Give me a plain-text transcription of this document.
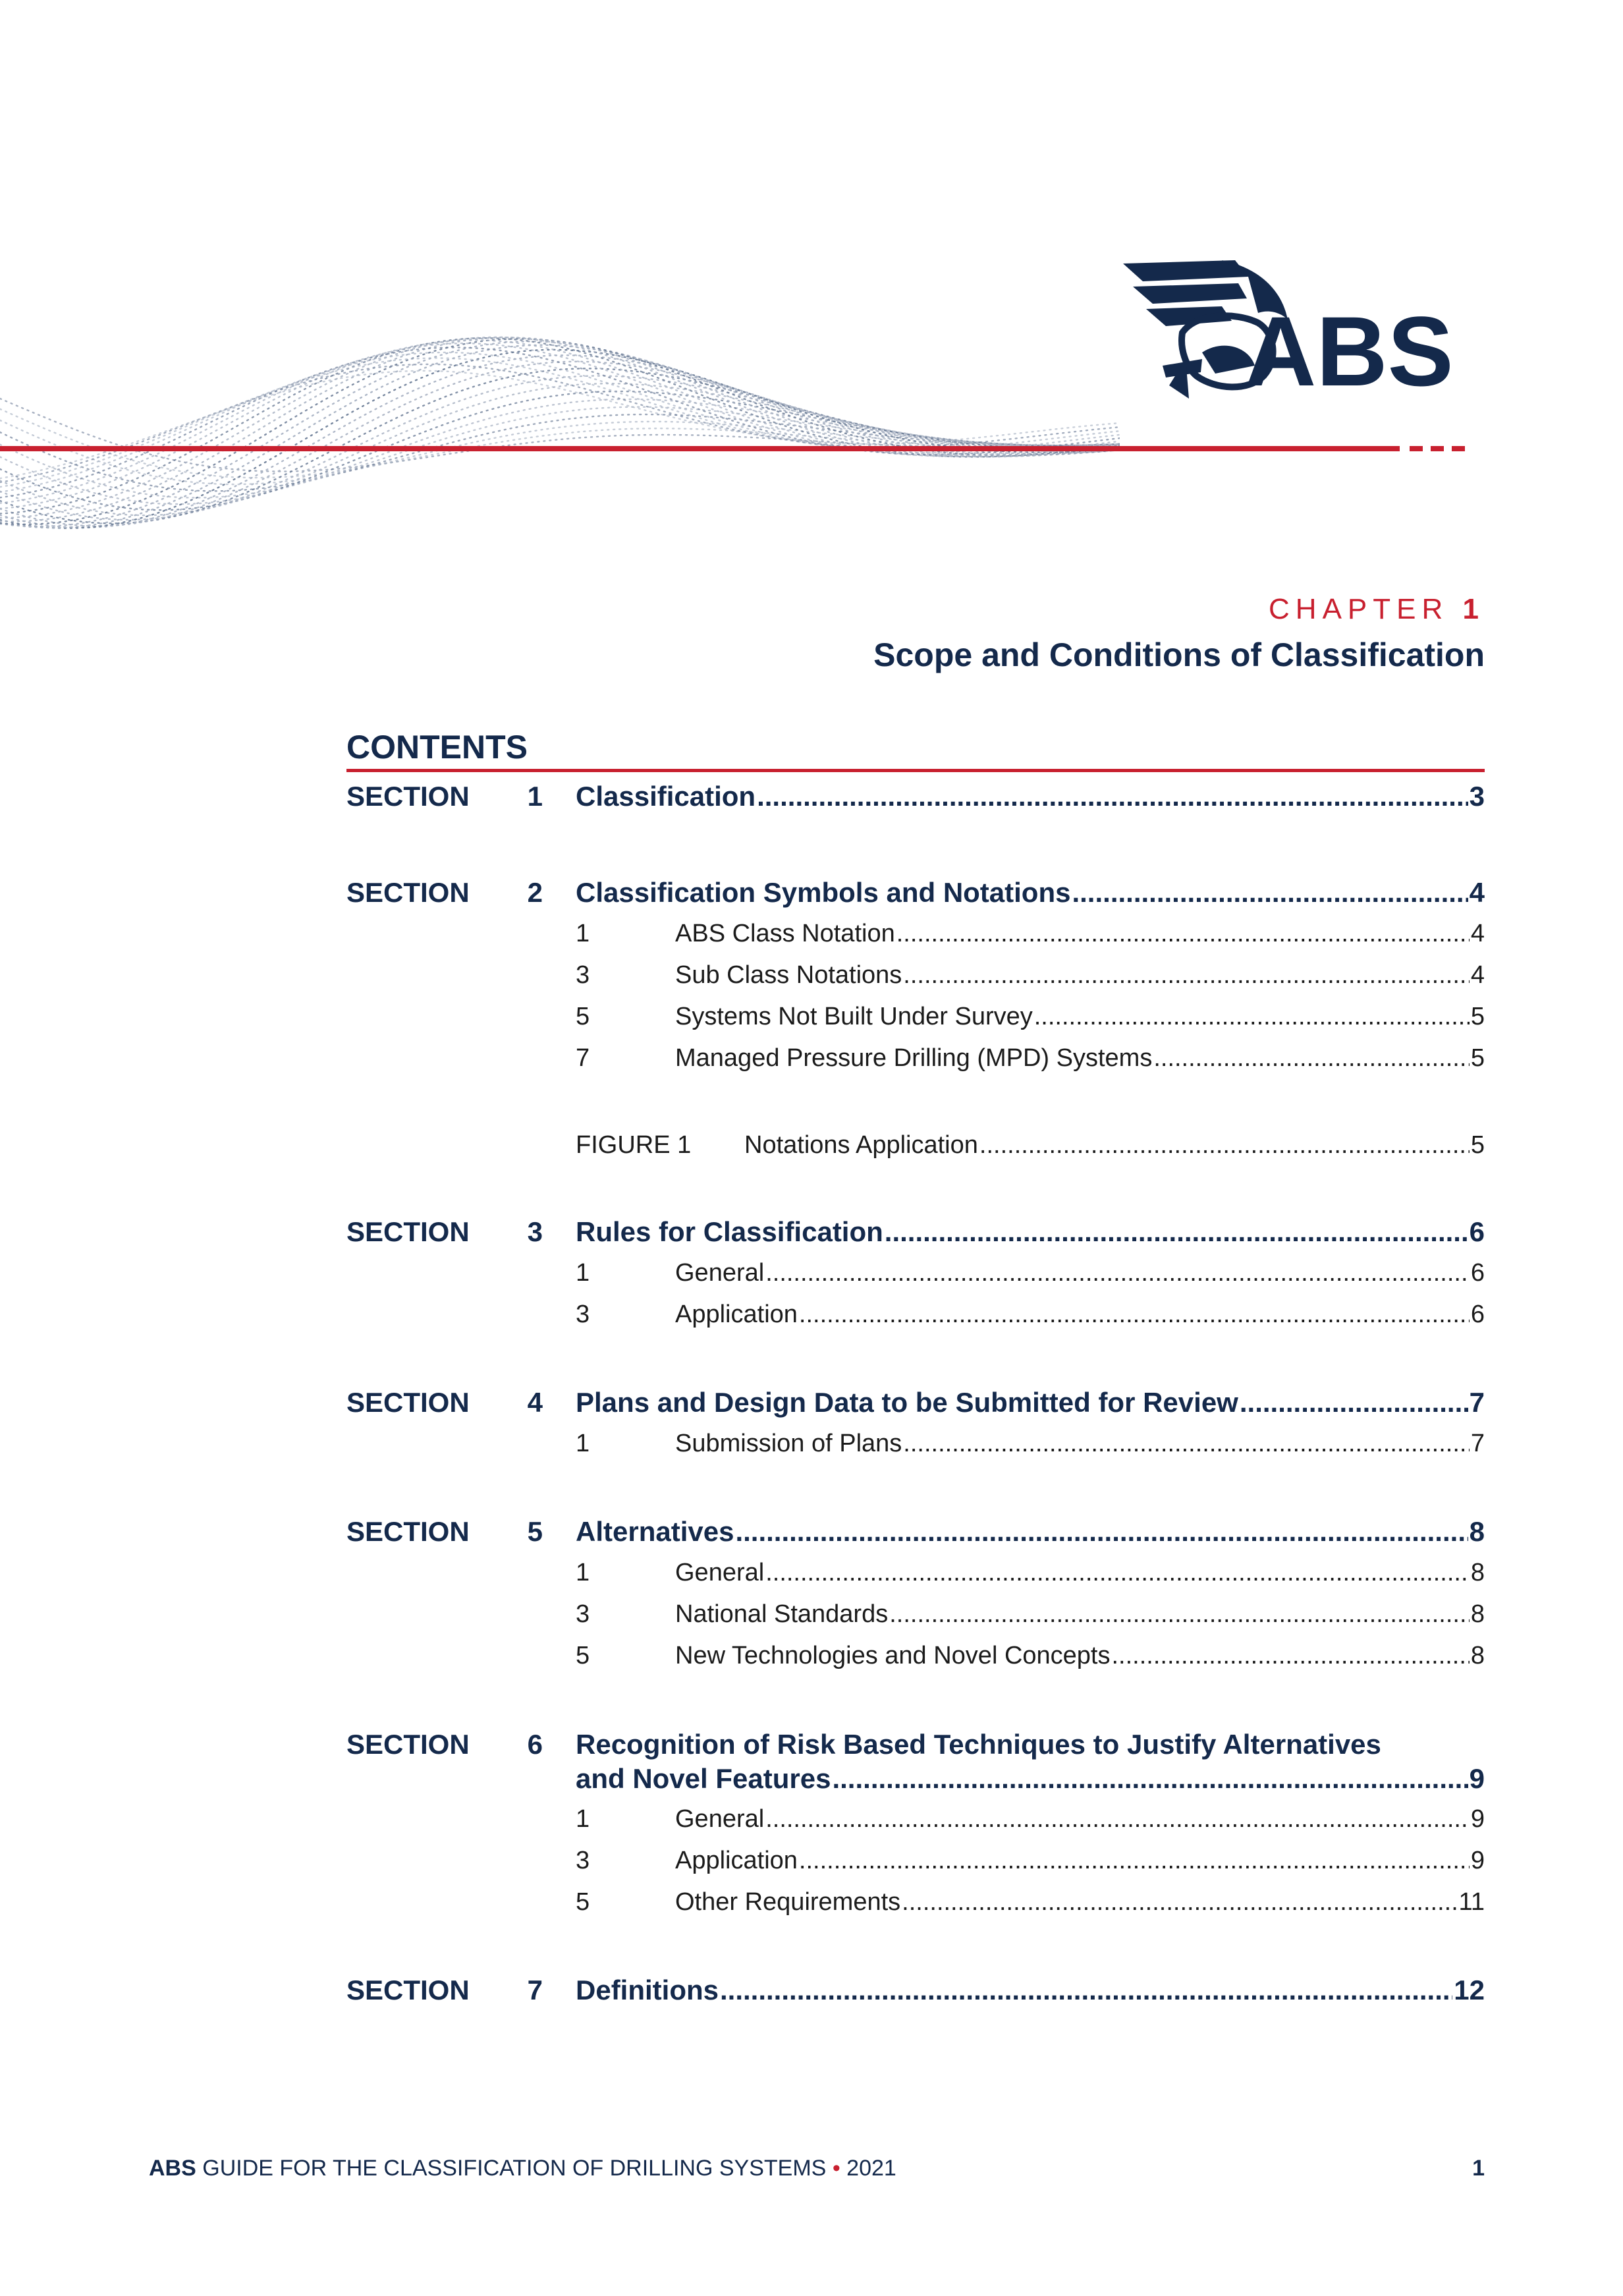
ABS
CHAPTER 1
Scope and Conditions of Classification
CONTENTS
SECTION 1 Classification .....	3
SECTION 2 Classification Symbols and Notations .....	4
1	ABS Class Notation .....	4
3	Sub Class Notations .....	4
5	Systems Not Built Under Survey .....	5
7	Managed Pressure Drilling (MPD) Systems .....	5
FIGURE 1 Notations Application .....	5
SECTION 3 Rules for Classification .....	6
1	General .....	6
3	Application .....	6
SECTION 4 Plans and Design Data to be Submitted for Review .....	7
1	Submission of Plans .....	7
SECTION 5 Alternatives .....	8
1	General .....	8
3	National Standards .....	8
5	New Technologies and Novel Concepts .....	8
SECTION 6 Recognition of Risk Based Techniques to Justify Alternatives
and Novel Features .....	9
1	General .....	9
3	Application .....	9
5	Other Requirements .....	11
SECTION 7 Definitions .....	12
ABS GUIDE FOR THE CLASSIFICATION OF DRILLING SYSTEMS • 2021	1
